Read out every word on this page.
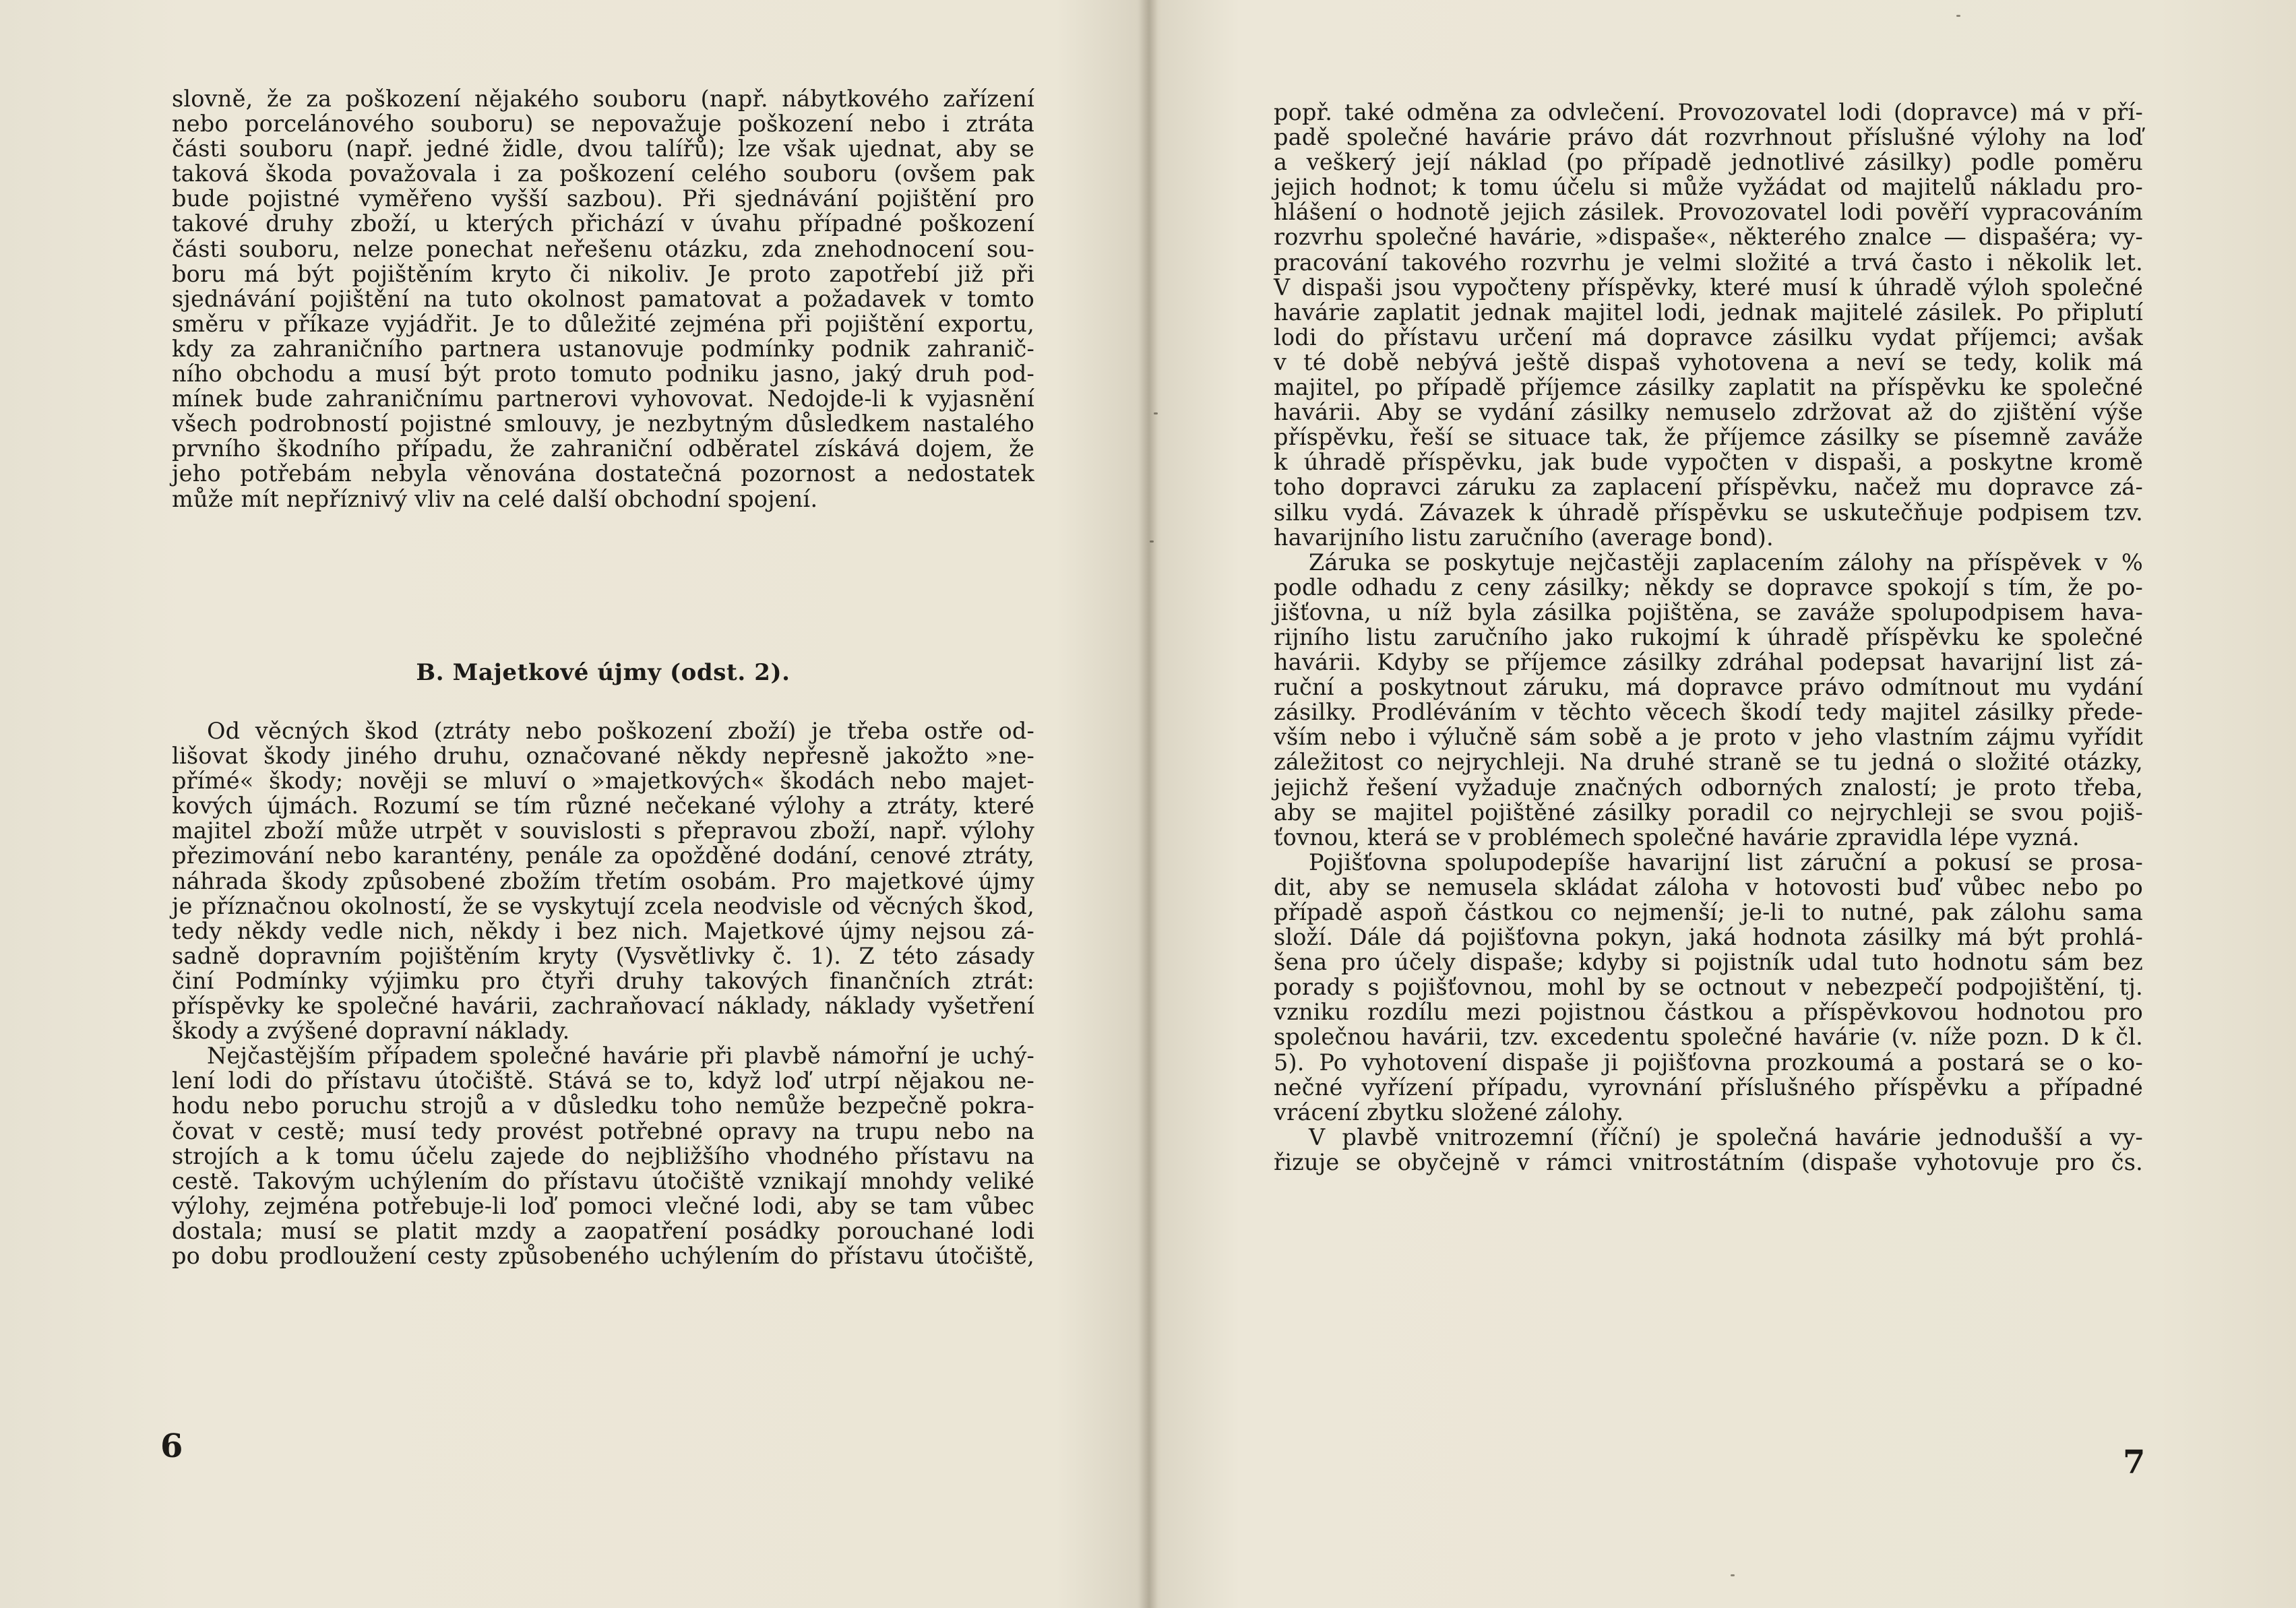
slovně, že za poškození nějakého souboru (např. nábytkového zařízení
nebo porcelánového souboru) se nepovažuje poškození nebo i ztráta
části souboru (např. jedné židle, dvou talířů); lze však ujednat, aby se
taková škoda považovala i za poškození celého souboru (ovšem pak
bude pojistné vyměřeno vyšší sazbou). Při sjednávání pojištění pro
takové druhy zboží, u kterých přichází v úvahu případné poškození
části souboru, nelze ponechat neřešenu otázku, zda znehodnocení sou-
boru má být pojištěním kryto či nikoliv. Je proto zapotřebí již při
sjednávání pojištění na tuto okolnost pamatovat a požadavek v tomto
směru v příkaze vyjádřit. Je to důležité zejména při pojištění exportu,
kdy za zahraničního partnera ustanovuje podmínky podnik zahranič-
ního obchodu a musí být proto tomuto podniku jasno, jaký druh pod-
mínek bude zahraničnímu partnerovi vyhovovat. Nedojde-li k vyjasnění
všech podrobností pojistné smlouvy, je nezbytným důsledkem nastalého
prvního škodního případu, že zahraniční odběratel získává dojem, že
jeho potřebám nebyla věnována dostatečná pozornost a nedostatek
může mít nepříznivý vliv na celé další obchodní spojení.
B. Majetkové újmy (odst. 2).
Od věcných škod (ztráty nebo poškození zboží) je třeba ostře od-
lišovat škody jiného druhu, označované někdy nepřesně jakožto »ne-
přímé« škody; nověji se mluví o »majetkových« škodách nebo majet-
kových újmách. Rozumí se tím různé nečekané výlohy a ztráty, které
majitel zboží může utrpět v souvislosti s přepravou zboží, např. výlohy
přezimování nebo karantény, penále za opožděné dodání, cenové ztráty,
náhrada škody způsobené zbožím třetím osobám. Pro majetkové újmy
je příznačnou okolností, že se vyskytují zcela neodvisle od věcných škod,
tedy někdy vedle nich, někdy i bez nich. Majetkové újmy nejsou zá-
sadně dopravním pojištěním kryty (Vysvětlivky č. 1). Z této zásady
činí Podmínky výjimku pro čtyři druhy takových finančních ztrát:
příspěvky ke společné havárii, zachraňovací náklady, náklady vyšetření
škody a zvýšené dopravní náklady.
Nejčastějším případem společné havárie při plavbě námořní je uchý-
lení lodi do přístavu útočiště. Stává se to, když loď utrpí nějakou ne-
hodu nebo poruchu strojů a v důsledku toho nemůže bezpečně pokra-
čovat v cestě; musí tedy provést potřebné opravy na trupu nebo na
strojích a k tomu účelu zajede do nejbližšího vhodného přístavu na
cestě. Takovým uchýlením do přístavu útočiště vznikají mnohdy veliké
výlohy, zejména potřebuje-li loď pomoci vlečné lodi, aby se tam vůbec
dostala; musí se platit mzdy a zaopatření posádky porouchané lodi
po dobu prodloužení cesty způsobeného uchýlením do přístavu útočiště,
6
popř. také odměna za odvlečení. Provozovatel lodi (dopravce) má v pří-
padě společné havárie právo dát rozvrhnout příslušné výlohy na loď
a veškerý její náklad (po případě jednotlivé zásilky) podle poměru
jejich hodnot; k tomu účelu si může vyžádat od majitelů nákladu pro-
hlášení o hodnotě jejich zásilek. Provozovatel lodi pověří vypracováním
rozvrhu společné havárie, »dispaše«, některého znalce — dispašéra; vy-
pracování takového rozvrhu je velmi složité a trvá často i několik let.
V dispaši jsou vypočteny příspěvky, které musí k úhradě výloh společné
havárie zaplatit jednak majitel lodi, jednak majitelé zásilek. Po připlutí
lodi do přístavu určení má dopravce zásilku vydat příjemci; avšak
v té době nebývá ještě dispaš vyhotovena a neví se tedy, kolik má
majitel, po případě příjemce zásilky zaplatit na příspěvku ke společné
havárii. Aby se vydání zásilky nemuselo zdržovat až do zjištění výše
příspěvku, řeší se situace tak, že příjemce zásilky se písemně zaváže
k úhradě příspěvku, jak bude vypočten v dispaši, a poskytne kromě
toho dopravci záruku za zaplacení příspěvku, načež mu dopravce zá-
silku vydá. Závazek k úhradě příspěvku se uskutečňuje podpisem tzv.
havarijního listu zaručního (average bond).
Záruka se poskytuje nejčastěji zaplacením zálohy na příspěvek v %
podle odhadu z ceny zásilky; někdy se dopravce spokojí s tím, že po-
jišťovna, u níž byla zásilka pojištěna, se zaváže spolupodpisem hava-
rijního listu zaručního jako rukojmí k úhradě příspěvku ke společné
havárii. Kdyby se příjemce zásilky zdráhal podepsat havarijní list zá-
ruční a poskytnout záruku, má dopravce právo odmítnout mu vydání
zásilky. Prodléváním v těchto věcech škodí tedy majitel zásilky přede-
vším nebo i výlučně sám sobě a je proto v jeho vlastním zájmu vyřídit
záležitost co nejrychleji. Na druhé straně se tu jedná o složité otázky,
jejichž řešení vyžaduje značných odborných znalostí; je proto třeba,
aby se majitel pojištěné zásilky poradil co nejrychleji se svou pojiš-
ťovnou, která se v problémech společné havárie zpravidla lépe vyzná.
Pojišťovna spolupodepíše havarijní list záruční a pokusí se prosa-
dit, aby se nemusela skládat záloha v hotovosti buď vůbec nebo po
případě aspoň částkou co nejmenší; je-li to nutné, pak zálohu sama
složí. Dále dá pojišťovna pokyn, jaká hodnota zásilky má být prohlá-
šena pro účely dispaše; kdyby si pojistník udal tuto hodnotu sám bez
porady s pojišťovnou, mohl by se octnout v nebezpečí podpojištění, tj.
vzniku rozdílu mezi pojistnou částkou a příspěvkovou hodnotou pro
společnou havárii, tzv. excedentu společné havárie (v. níže pozn. D k čl.
5). Po vyhotovení dispaše ji pojišťovna prozkoumá a postará se o ko-
nečné vyřízení případu, vyrovnání příslušného příspěvku a případné
vrácení zbytku složené zálohy.
V plavbě vnitrozemní (říční) je společná havárie jednodušší a vy-
řizuje se obyčejně v rámci vnitrostátním (dispaše vyhotovuje pro čs.
7
